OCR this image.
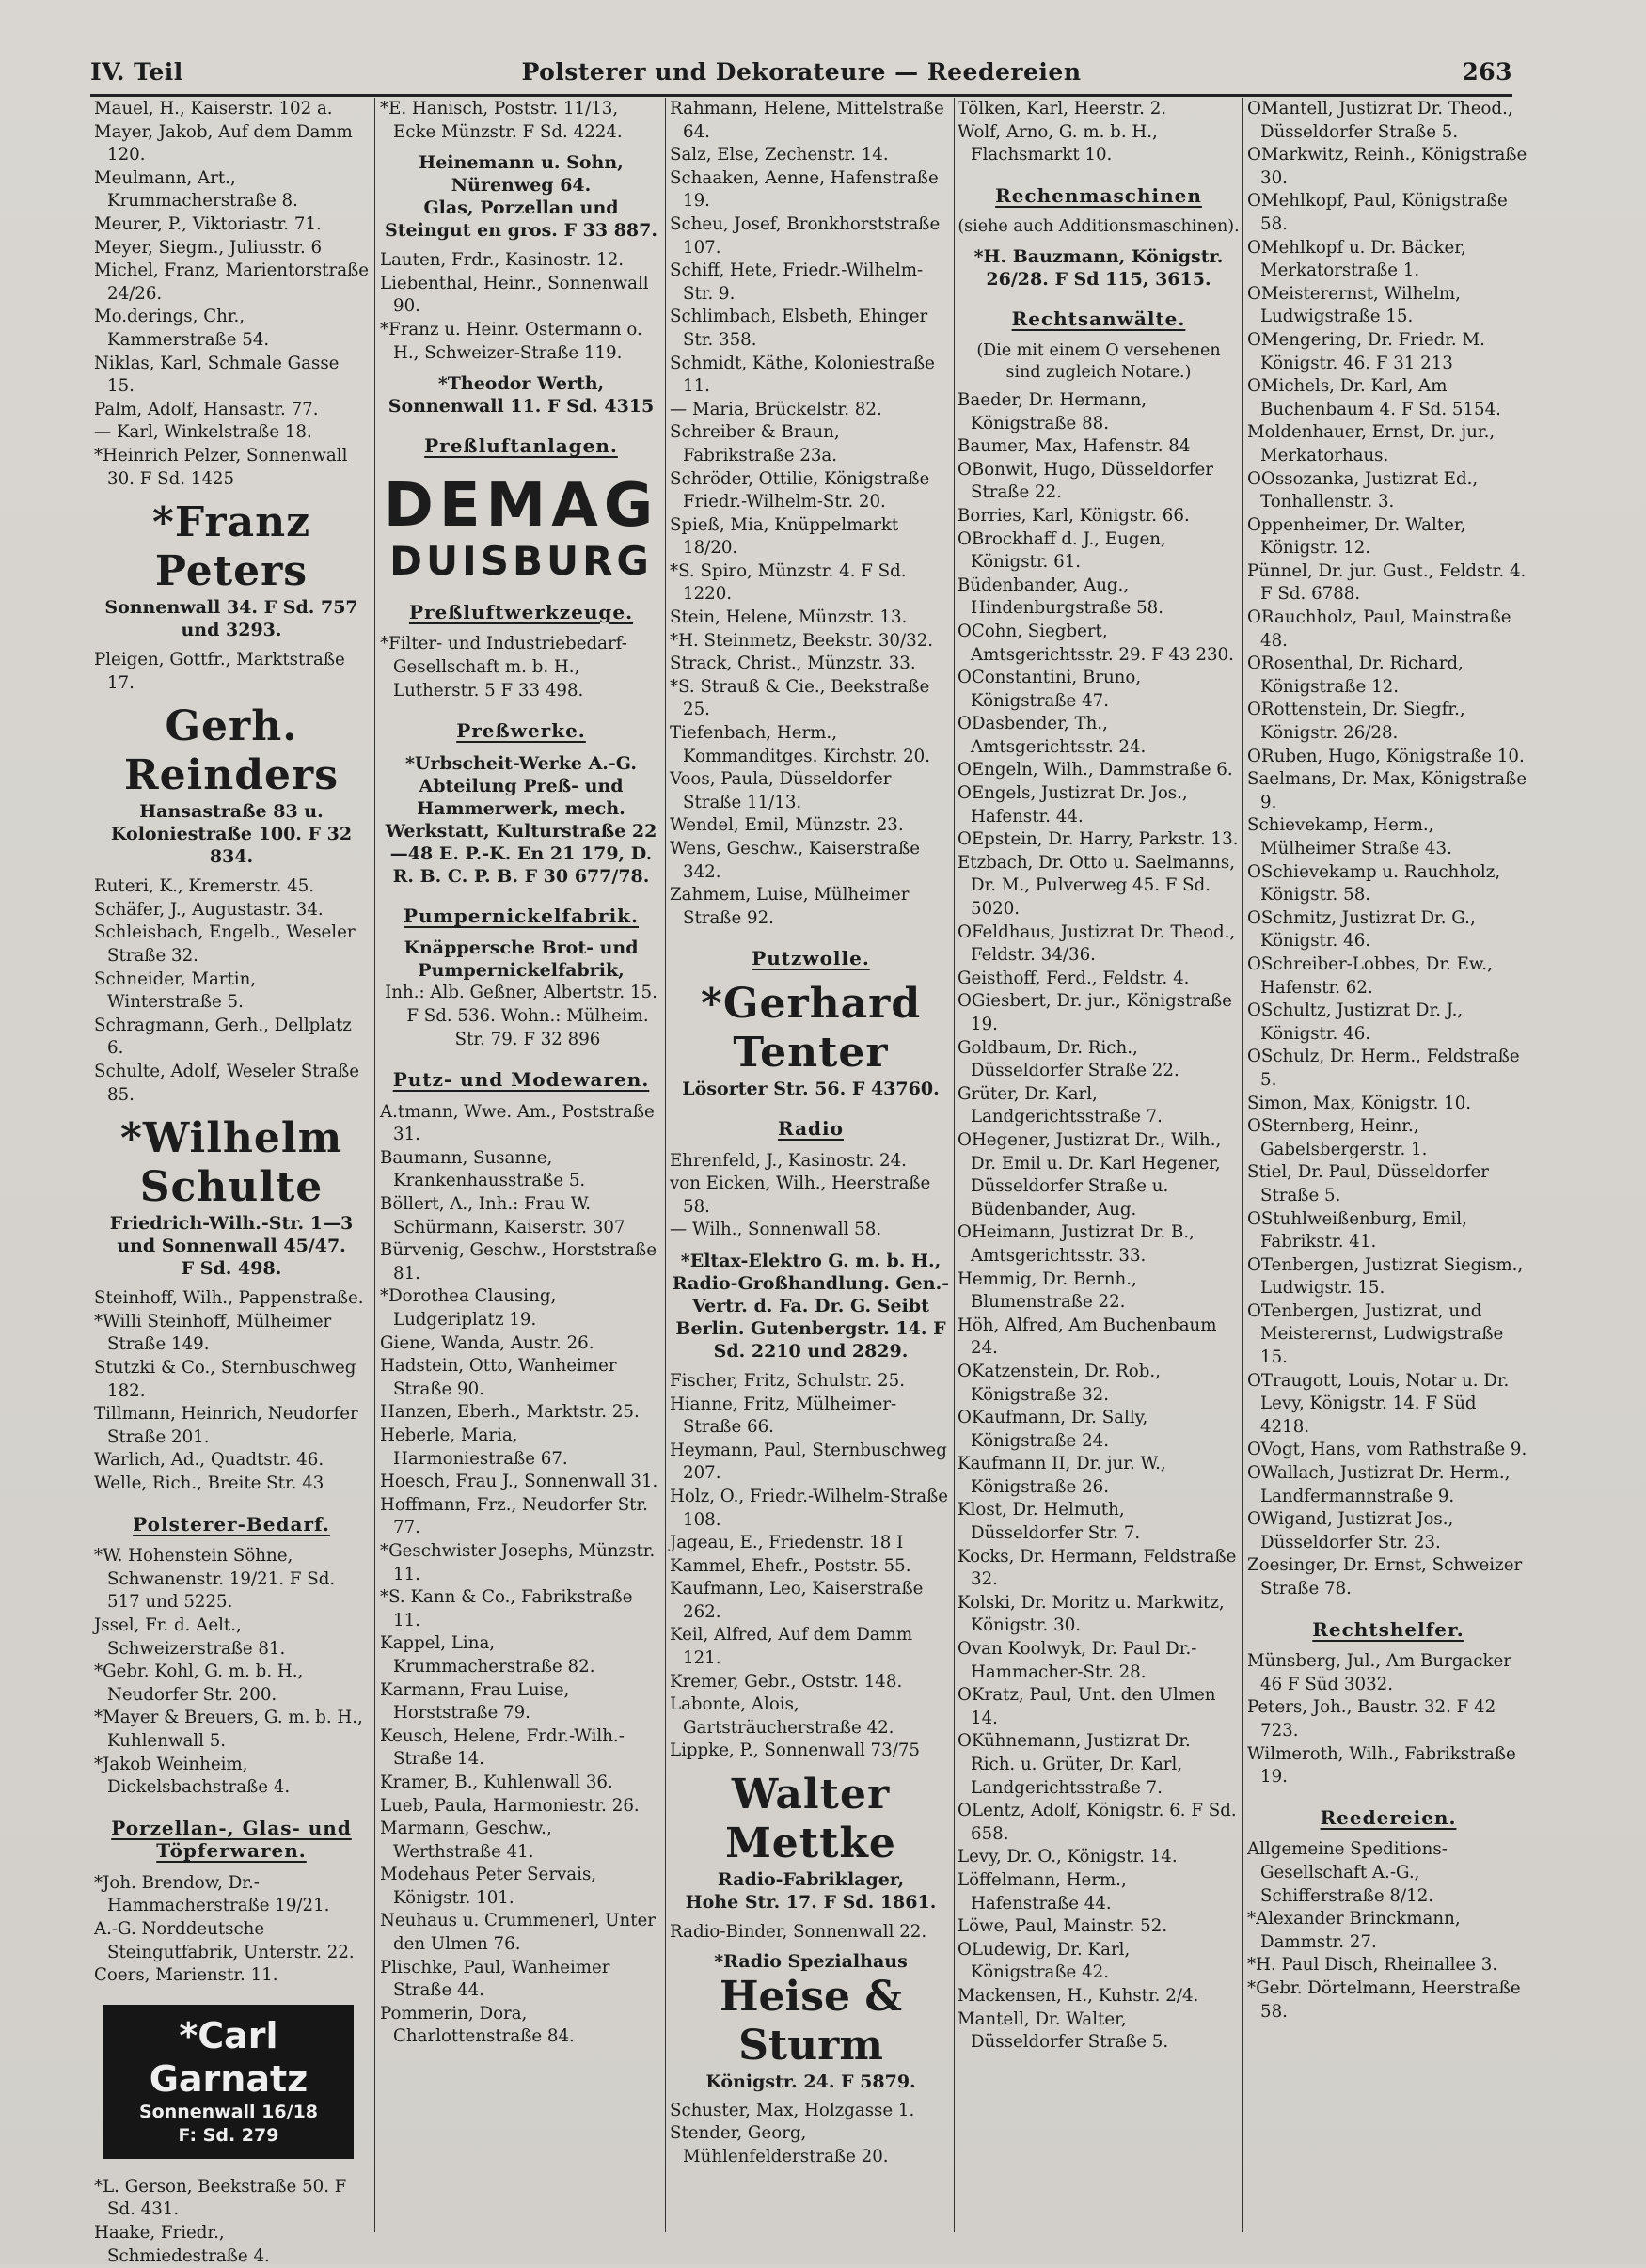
IV. Teil	Polsterer und Dekorateure — Reedereien	263

Mauel, H., Kaiserstr. 102 a.

Mayer, Jakob, Auf dem Damm 120.

Meulmann, Art., Krummacherstraße 8.

Meurer, P., Viktoriastr. 71.

Meyer, Siegm., Juliusstr. 6

Michel, Franz, Marientorstraße 24/26.

Mo.derings, Chr., Kammerstraße 54.

Niklas, Karl, Schmale Gasse 15.

Palm, Adolf, Hansastr. 77.

— Karl, Winkelstraße 18.

*Heinrich Pelzer, Sonnenwall 30. F Sd. 1425

*Franz Peters
Sonnenwall 34. F Sd. 757
und 3293.

Pleigen, Gottfr., Marktstraße 17.

Gerh. Reinders
Hansastraße 83 u. Koloniestraße 100. F 32 834.

Ruteri, K., Kremerstr. 45.

Schäfer, J., Augustastr. 34.

Schleisbach, Engelb., Weseler Straße 32.

Schneider, Martin, Winterstraße 5.

Schragmann, Gerh., Dellplatz 6.

Schulte, Adolf, Weseler Straße 85.

*Wilhelm Schulte
Friedrich-Wilh.-Str. 1—3
und Sonnenwall 45/47.
F Sd. 498.

Steinhoff, Wilh., Pappenstraße.

*Willi Steinhoff, Mülheimer Straße 149.

Stutzki & Co., Sternbuschweg 182.

Tillmann, Heinrich, Neudorfer Straße 201.

Warlich, Ad., Quadtstr. 46.

Welle, Rich., Breite Str. 43

Polsterer-Bedarf.

*W. Hohenstein Söhne, Schwanenstr. 19/21. F Sd. 517 und 5225.

Jssel, Fr. d. Aelt., Schweizerstraße 81.

*Gebr. Kohl, G. m. b. H., Neudorfer Str. 200.

*Mayer & Breuers, G. m. b. H., Kuhlenwall 5.

*Jakob Weinheim, Dickelsbachstraße 4.

Porzellan-, Glas- und Töpferwaren.

*Joh. Brendow, Dr.-Hammacherstraße 19/21.

A.-G. Norddeutsche Steingutfabrik, Unterstr. 22.

Coers, Marienstr. 11.

*Carl Garnatz
Sonnenwall 16/18
F: Sd. 279

*L. Gerson, Beekstraße 50. F Sd. 431.

Haake, Friedr., Schmiedestraße 4.

*E. Hanisch, Poststr. 11/13, Ecke Münzstr. F Sd. 4224.

Heinemann u. Sohn,
Nürenweg 64.
Glas, Porzellan und Steingut en gros. F 33 887.

Lauten, Frdr., Kasinostr. 12.

Liebenthal, Heinr., Sonnenwall 90.

*Franz u. Heinr. Ostermann o. H., Schweizer-Straße 119.

*Theodor Werth,
Sonnenwall 11. F Sd. 4315
Preßluftanlagen.
DEMAG
DUISBURG
Preßluftwerkzeuge.

*Filter- und Industriebedarf-Gesellschaft m. b. H., Lutherstr. 5 F 33 498.

Preßwerke.
*Urbscheit-Werke A.-G.
Abteilung Preß- und Hammerwerk, mech. Werkstatt, Kulturstraße 22—48 E. P.-K. En 21 179, D. R. B. C. P. B. F 30 677/78.
Pumpernickelfabrik.
Knäppersche Brot- und Pumpernickelfabrik,
Inh.: Alb. Geßner, Albertstr. 15. F Sd. 536. Wohn.: Mülheim. Str. 79. F 32 896
Putz- und Modewaren.

A.tmann, Wwe. Am., Poststraße 31.

Baumann, Susanne, Krankenhausstraße 5.

Böllert, A., Inh.: Frau W. Schürmann, Kaiserstr. 307

Bürvenig, Geschw., Horststraße 81.

*Dorothea Clausing, Ludgeriplatz 19.

Giene, Wanda, Austr. 26.

Hadstein, Otto, Wanheimer Straße 90.

Hanzen, Eberh., Marktstr. 25.

Heberle, Maria, Harmoniestraße 67.

Hoesch, Frau J., Sonnenwall 31.

Hoffmann, Frz., Neudorfer Str. 77.

*Geschwister Josephs, Münzstr. 11.

*S. Kann & Co., Fabrikstraße 11.

Kappel, Lina, Krummacherstraße 82.

Karmann, Frau Luise, Horststraße 79.

Keusch, Helene, Frdr.-Wilh.-Straße 14.

Kramer, B., Kuhlenwall 36.

Lueb, Paula, Harmoniestr. 26.

Marmann, Geschw., Werthstraße 41.

Modehaus Peter Servais, Königstr. 101.

Neuhaus u. Crummenerl, Unter den Ulmen 76.

Plischke, Paul, Wanheimer Straße 44.

Pommerin, Dora, Charlottenstraße 84.

Rahmann, Helene, Mittelstraße 64.

Salz, Else, Zechenstr. 14.

Schaaken, Aenne, Hafenstraße 19.

Scheu, Josef, Bronkhorststraße 107.

Schiff, Hete, Friedr.-Wilhelm-Str. 9.

Schlimbach, Elsbeth, Ehinger Str. 358.

Schmidt, Käthe, Koloniestraße 11.

— Maria, Brückelstr. 82.

Schreiber & Braun, Fabrikstraße 23a.

Schröder, Ottilie, Königstraße Friedr.-Wilhelm-Str. 20.

Spieß, Mia, Knüppelmarkt 18/20.

*S. Spiro, Münzstr. 4. F Sd. 1220.

Stein, Helene, Münzstr. 13.

*H. Steinmetz, Beekstr. 30/32.

Strack, Christ., Münzstr. 33.

*S. Strauß & Cie., Beekstraße 25.

Tiefenbach, Herm., Kommanditges. Kirchstr. 20.

Voos, Paula, Düsseldorfer Straße 11/13.

Wendel, Emil, Münzstr. 23.

Wens, Geschw., Kaiserstraße 342.

Zahmem, Luise, Mülheimer Straße 92.

Putzwolle.
*Gerhard Tenter
Lösorter Str. 56. F 43760.
Radio

Ehrenfeld, J., Kasinostr. 24.

von Eicken, Wilh., Heerstraße 58.

— Wilh., Sonnenwall 58.

*Eltax-Elektro G. m. b. H., Radio-Großhandlung. Gen.-Vertr. d. Fa. Dr. G. Seibt Berlin. Gutenbergstr. 14. F Sd. 2210 und 2829.

Fischer, Fritz, Schulstr. 25.

Hianne, Fritz, Mülheimer-Straße 66.

Heymann, Paul, Sternbuschweg 207.

Holz, O., Friedr.-Wilhelm-Straße 108.

Jageau, E., Friedenstr. 18 I

Kammel, Ehefr., Poststr. 55.

Kaufmann, Leo, Kaiserstraße 262.

Keil, Alfred, Auf dem Damm 121.

Kremer, Gebr., Oststr. 148.

Labonte, Alois, Gartsträucherstraße 42.

Lippke, P., Sonnenwall 73/75

Walter Mettke
Radio-Fabriklager,
Hohe Str. 17. F Sd. 1861.

Radio-Binder, Sonnenwall 22.

*Radio Spezialhaus
Heise & Sturm
Königstr. 24. F 5879.

Schuster, Max, Holzgasse 1.

Stender, Georg, Mühlenfelderstraße 20.

Tölken, Karl, Heerstr. 2.

Wolf, Arno, G. m. b. H., Flachsmarkt 10.

Rechenmaschinen
(siehe auch Additionsmaschinen).
*H. Bauzmann, Königstr. 26/28. F Sd 115, 3615.
Rechtsanwälte.
(Die mit einem O versehenen sind zugleich Notare.)

Baeder, Dr. Hermann, Königstraße 88.

Baumer, Max, Hafenstr. 84

OBonwit, Hugo, Düsseldorfer Straße 22.

Borries, Karl, Königstr. 66.

OBrockhaff d. J., Eugen, Königstr. 61.

Büdenbander, Aug., Hindenburgstraße 58.

OCohn, Siegbert, Amtsgerichtsstr. 29. F 43 230.

OConstantini, Bruno, Königstraße 47.

ODasbender, Th., Amtsgerichtsstr. 24.

OEngeln, Wilh., Dammstraße 6.

OEngels, Justizrat Dr. Jos., Hafenstr. 44.

OEpstein, Dr. Harry, Parkstr. 13.

Etzbach, Dr. Otto u. Saelmanns, Dr. M., Pulverweg 45. F Sd. 5020.

OFeldhaus, Justizrat Dr. Theod., Feldstr. 34/36.

Geisthoff, Ferd., Feldstr. 4.

OGiesbert, Dr. jur., Königstraße 19.

Goldbaum, Dr. Rich., Düsseldorfer Straße 22.

Grüter, Dr. Karl, Landgerichtsstraße 7.

OHegener, Justizrat Dr., Wilh., Dr. Emil u. Dr. Karl Hegener, Düsseldorfer Straße u. Büdenbander, Aug.

OHeimann, Justizrat Dr. B., Amtsgerichtsstr. 33.

Hemmig, Dr. Bernh., Blumenstraße 22.

Höh, Alfred, Am Buchenbaum 24.

OKatzenstein, Dr. Rob., Königstraße 32.

OKaufmann, Dr. Sally, Königstraße 24.

Kaufmann II, Dr. jur. W., Königstraße 26.

Klost, Dr. Helmuth, Düsseldorfer Str. 7.

Kocks, Dr. Hermann, Feldstraße 32.

Kolski, Dr. Moritz u. Markwitz, Königstr. 30.

Ovan Koolwyk, Dr. Paul Dr.-Hammacher-Str. 28.

OKratz, Paul, Unt. den Ulmen 14.

OKühnemann, Justizrat Dr. Rich. u. Grüter, Dr. Karl, Landgerichtsstraße 7.

OLentz, Adolf, Königstr. 6. F Sd. 658.

Levy, Dr. O., Königstr. 14.

Löffelmann, Herm., Hafenstraße 44.

Löwe, Paul, Mainstr. 52.

OLudewig, Dr. Karl, Königstraße 42.

Mackensen, H., Kuhstr. 2/4.

Mantell, Dr. Walter, Düsseldorfer Straße 5.

OMantell, Justizrat Dr. Theod., Düsseldorfer Straße 5.

OMarkwitz, Reinh., Königstraße 30.

OMehlkopf, Paul, Königstraße 58.

OMehlkopf u. Dr. Bäcker, Merkatorstraße 1.

OMeisterernst, Wilhelm, Ludwigstraße 15.

OMengering, Dr. Friedr. M. Königstr. 46. F 31 213

OMichels, Dr. Karl, Am Buchenbaum 4. F Sd. 5154.

Moldenhauer, Ernst, Dr. jur., Merkatorhaus.

OOssozanka, Justizrat Ed., Tonhallenstr. 3.

Oppenheimer, Dr. Walter, Königstr. 12.

Pünnel, Dr. jur. Gust., Feldstr. 4. F Sd. 6788.

ORauchholz, Paul, Mainstraße 48.

ORosenthal, Dr. Richard, Königstraße 12.

ORottenstein, Dr. Siegfr., Königstr. 26/28.

ORuben, Hugo, Königstraße 10.

Saelmans, Dr. Max, Königstraße 9.

Schievekamp, Herm., Mülheimer Straße 43.

OSchievekamp u. Rauchholz, Königstr. 58.

OSchmitz, Justizrat Dr. G., Königstr. 46.

OSchreiber-Lobbes, Dr. Ew., Hafenstr. 62.

OSchultz, Justizrat Dr. J., Königstr. 46.

OSchulz, Dr. Herm., Feldstraße 5.

Simon, Max, Königstr. 10.

OSternberg, Heinr., Gabelsbergerstr. 1.

Stiel, Dr. Paul, Düsseldorfer Straße 5.

OStuhlweißenburg, Emil, Fabrikstr. 41.

OTenbergen, Justizrat Siegism., Ludwigstr. 15.

OTenbergen, Justizrat, und Meisterernst, Ludwigstraße 15.

OTraugott, Louis, Notar u. Dr. Levy, Königstr. 14. F Süd 4218.

OVogt, Hans, vom Rathstraße 9.

OWallach, Justizrat Dr. Herm., Landfermannstraße 9.

OWigand, Justizrat Jos., Düsseldorfer Str. 23.

Zoesinger, Dr. Ernst, Schweizer Straße 78.

Rechtshelfer.

Münsberg, Jul., Am Burgacker 46 F Süd 3032.

Peters, Joh., Baustr. 32. F 42 723.

Wilmeroth, Wilh., Fabrikstraße 19.

Reedereien.

Allgemeine Speditions-Gesellschaft A.-G., Schifferstraße 8/12.

*Alexander Brinckmann, Dammstr. 27.

*H. Paul Disch, Rheinallee 3.

*Gebr. Dörtelmann, Heerstraße 58.
